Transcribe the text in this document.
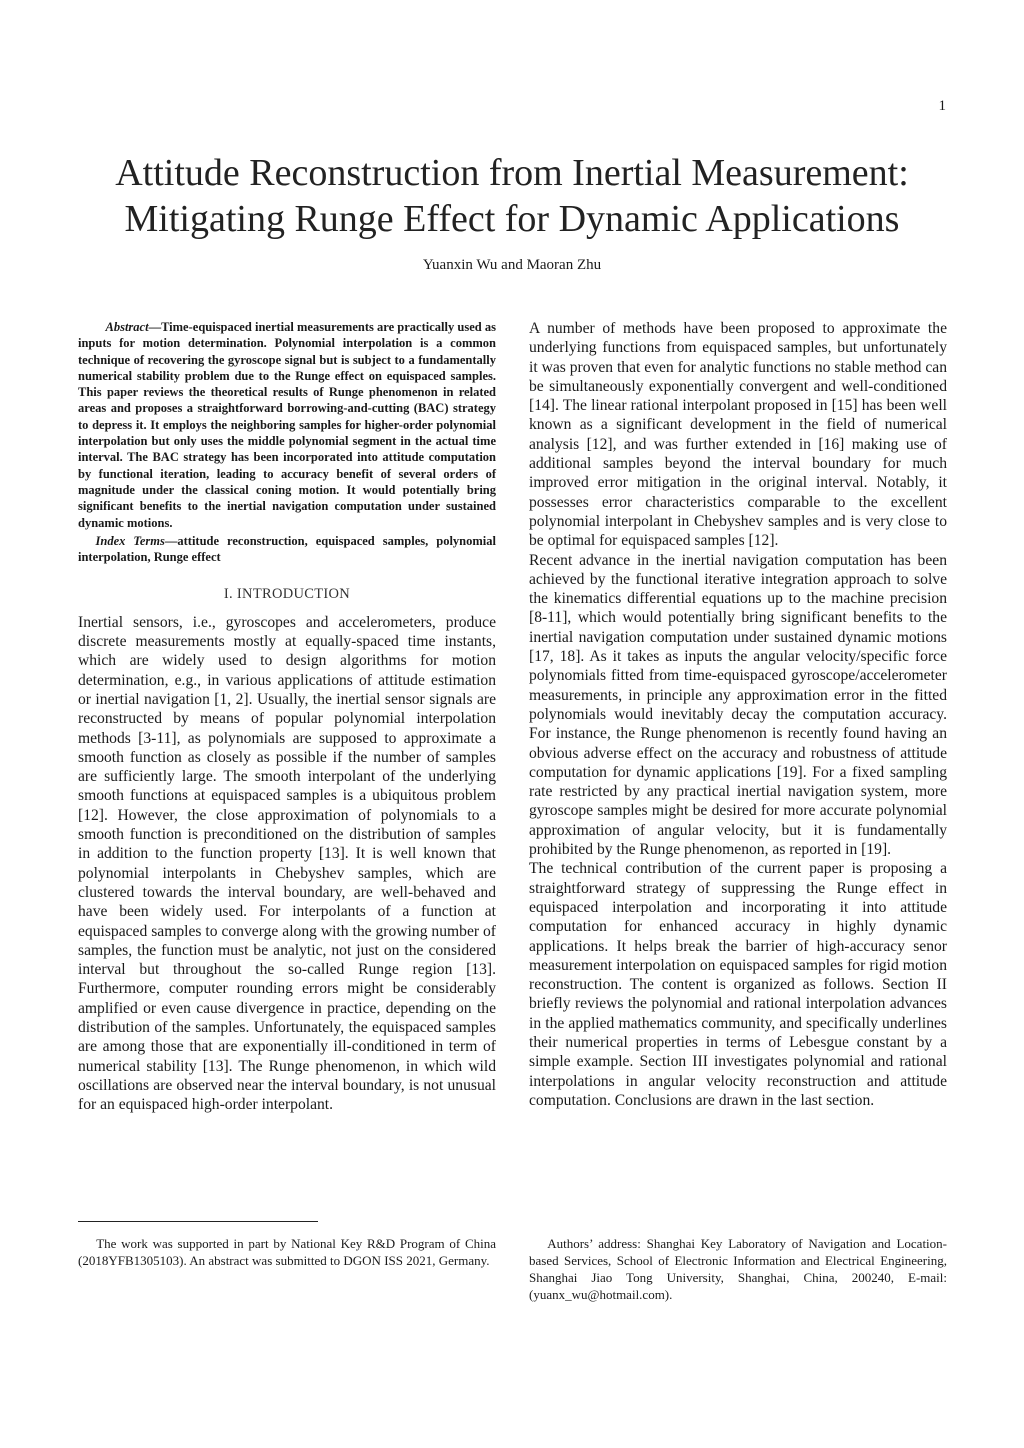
1
Attitude Reconstruction from Inertial Measurement:
Mitigating Runge Effect for Dynamic Applications
Yuanxin Wu and Maoran Zhu

Abstract—Time-equispaced inertial measurements are practically used as inputs for motion determination. Polynomial interpolation is a common technique of recovering the gyroscope signal but is subject to a fundamentally numerical stability problem due to the Runge effect on equispaced samples. This paper reviews the theoretical results of Runge phenomenon in related areas and proposes a straightforward borrowing-and-cutting (BAC) strategy to depress it. It employs the neighboring samples for higher-order polynomial interpolation but only uses the middle polynomial segment in the actual time interval. The BAC strategy has been incorporated into attitude computation by functional iteration, leading to accuracy benefit of several orders of magnitude under the classical coning motion. It would potentially bring significant benefits to the inertial navigation computation under sustained dynamic motions.

Index Terms—attitude reconstruction, equispaced samples, polynomial interpolation, Runge effect

I. INTRODUCTION

Inertial sensors, i.e., gyroscopes and accelerometers, produce discrete measurements mostly at equally-spaced time instants, which are widely used to design algorithms for motion determination, e.g., in various applications of attitude estimation or inertial navigation [1, 2]. Usually, the inertial sensor signals are reconstructed by means of popular polynomial interpolation methods [3-11], as polynomials are supposed to approximate a smooth function as closely as possible if the number of samples are sufficiently large. The smooth interpolant of the underlying smooth functions at equispaced samples is a ubiquitous problem [12]. However, the close approximation of polynomials to a smooth function is preconditioned on the distribution of samples in addition to the function property [13]. It is well known that polynomial interpolants in Chebyshev samples, which are clustered towards the interval boundary, are well-behaved and have been widely used. For interpolants of a function at equispaced samples to converge along with the growing number of samples, the function must be analytic, not just on the considered interval but throughout the so-called Runge region [13]. Furthermore, computer rounding errors might be considerably amplified or even cause divergence in practice, depending on the distribution of the samples. Unfortunately, the equispaced samples are among those that are exponentially ill-conditioned in term of numerical stability [13]. The Runge phenomenon, in which wild oscillations are observed near the interval boundary, is not unusual for an equispaced high-order interpolant.

A number of methods have been proposed to approximate the underlying functions from equispaced samples, but unfortunately it was proven that even for analytic functions no stable method can be simultaneously exponentially convergent and well-conditioned [14]. The linear rational interpolant proposed in [15] has been well known as a significant development in the field of numerical analysis [12], and was further extended in [16] making use of additional samples beyond the interval boundary for much improved error mitigation in the original interval. Notably, it possesses error characteristics comparable to the excellent polynomial interpolant in Chebyshev samples and is very close to be optimal for equispaced samples [12].

Recent advance in the inertial navigation computation has been achieved by the functional iterative integration approach to solve the kinematics differential equations up to the machine precision [8-11], which would potentially bring significant benefits to the inertial navigation computation under sustained dynamic motions [17, 18]. As it takes as inputs the angular velocity/specific force polynomials fitted from time-equispaced gyroscope/accelerometer measurements, in principle any approximation error in the fitted polynomials would inevitably decay the computation accuracy. For instance, the Runge phenomenon is recently found having an obvious adverse effect on the accuracy and robustness of attitude computation for dynamic applications [19]. For a fixed sampling rate restricted by any practical inertial navigation system, more gyroscope samples might be desired for more accurate polynomial approximation of angular velocity, but it is fundamentally prohibited by the Runge phenomenon, as reported in [19].

The technical contribution of the current paper is proposing a straightforward strategy of suppressing the Runge effect in equispaced interpolation and incorporating it into attitude computation for enhanced accuracy in highly dynamic applications. It helps break the barrier of high-accuracy senor measurement interpolation on equispaced samples for rigid motion reconstruction. The content is organized as follows. Section II briefly reviews the polynomial and rational interpolation advances in the applied mathematics community, and specifically underlines their numerical properties in terms of Lebesgue constant by a simple example. Section III investigates polynomial and rational interpolations in angular velocity reconstruction and attitude computation. Conclusions are drawn in the last section.

The work was supported in part by National Key R&D Program of China (2018YFB1305103). An abstract was submitted to DGON ISS 2021, Germany.
Authors’ address: Shanghai Key Laboratory of Navigation and Location-based Services, School of Electronic Information and Electrical Engineering, Shanghai Jiao Tong University, Shanghai, China, 200240, E-mail: (yuanx_wu@hotmail.com).
